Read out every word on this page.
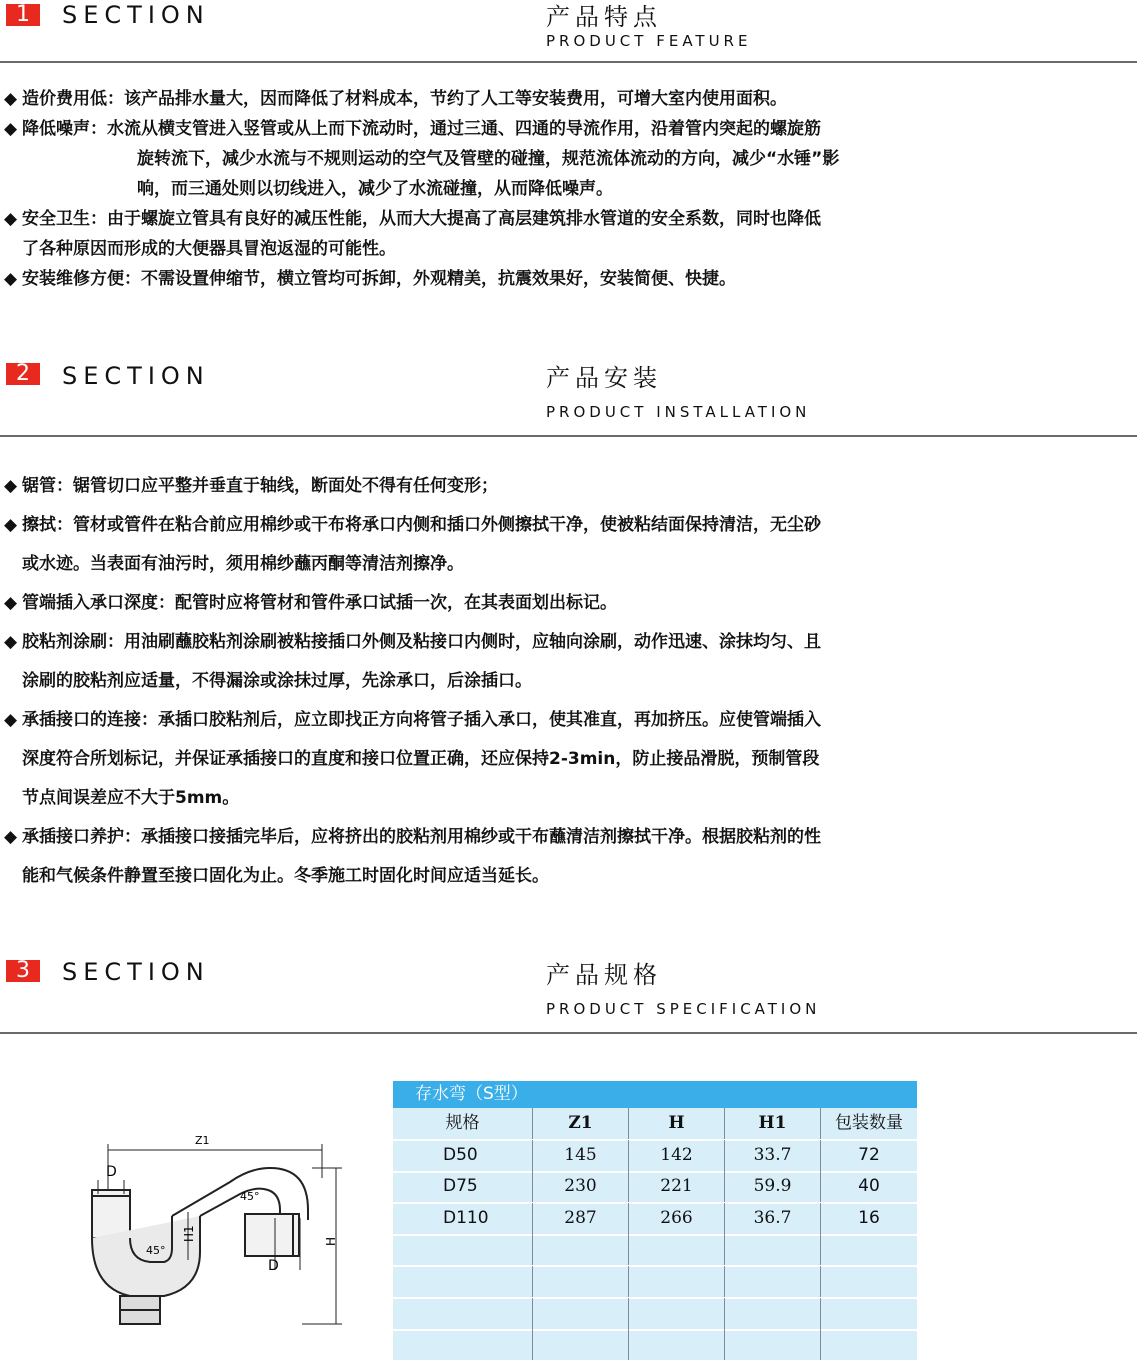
1	SECTION	产品特点
PRODUCT FEATURE
◆ 造价费用低：该产品排水量大，因而降低了材料成本，节约了人工等安装费用，可增大室内使用面积。
◆ 降低噪声：水流从横支管进入竖管或从上而下流动时，通过三通、四通的导流作用，沿着管内突起的螺旋筋
旋转流下，减少水流与不规则运动的空气及管壁的碰撞，规范流体流动的方向，减少“水锤”影
响，而三通处则以切线进入，减少了水流碰撞，从而降低噪声。
◆ 安全卫生：由于螺旋立管具有良好的减压性能，从而大大提高了高层建筑排水管道的安全系数，同时也降低
了各种原因而形成的大便器具冒泡返湿的可能性。
◆ 安装维修方便：不需设置伸缩节，横立管均可拆卸，外观精美，抗震效果好，安装简便、快捷。
2	SECTION	产品安装
PRODUCT INSTALLATION
◆ 锯管：锯管切口应平整并垂直于轴线，断面处不得有任何变形；
◆ 擦拭：管材或管件在粘合前应用棉纱或干布将承口内侧和插口外侧擦拭干净，使被粘结面保持清洁，无尘砂
或水迹。当表面有油污时，须用棉纱蘸丙酮等清洁剂擦净。
◆ 管端插入承口深度：配管时应将管材和管件承口试插一次，在其表面划出标记。
◆ 胶粘剂涂刷：用油刷蘸胶粘剂涂刷被粘接插口外侧及粘接口内侧时，应轴向涂刷，动作迅速、涂抹均匀、且
涂刷的胶粘剂应适量，不得漏涂或涂抹过厚，先涂承口，后涂插口。
◆ 承插接口的连接：承插口胶粘剂后，应立即找正方向将管子插入承口，使其准直，再加挤压。应使管端插入
深度符合所划标记，并保证承插接口的直度和接口位置正确，还应保持2-3min，防止接品滑脱，预制管段
节点间误差应不大于5mm。
◆ 承插接口养护：承插接口接插完毕后，应将挤出的胶粘剂用棉纱或干布蘸清洁剂擦拭干净。根据胶粘剂的性
能和气候条件静置至接口固化为止。冬季施工时固化时间应适当延长。
3	SECTION	产品规格
PRODUCT SPECIFICATION
Z1
D
D
H
H1
45°
45°
存水弯（S型）
规格	Z1	H	H1	包装数量
D50	145	142	33.7	72
D75	230	221	59.9	40
D110	287	266	36.7	16
